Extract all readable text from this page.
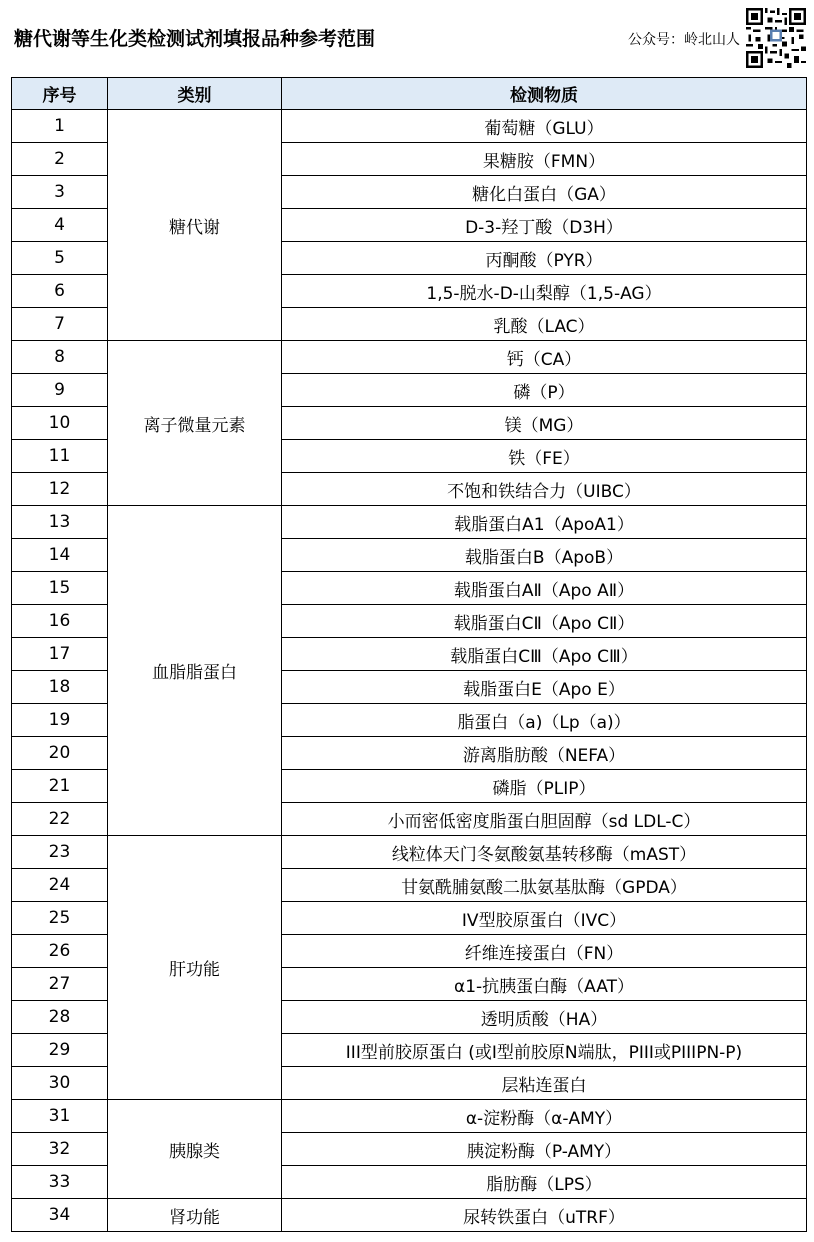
糖代谢等生化类检测试剂填报品种参考范围	公众号：岭北山人
序号	类别	检测物质
1	糖代谢	葡萄糖（GLU）
2		果糖胺（FMN）
3		糖化白蛋白（GA）
4		D-3-羟丁酸（D3H）
5		丙酮酸（PYR）
6		1,5-脱水-D-山梨醇（1,5-AG）
7		乳酸（LAC）
8	离子微量元素	钙（CA）
9		磷（P）
10		镁（MG）
11		铁（FE）
12		不饱和铁结合力（UIBC）
13	血脂脂蛋白	载脂蛋白A1（ApoA1）
14		载脂蛋白B（ApoB）
15		载脂蛋白AⅡ（Apo AⅡ）
16		载脂蛋白CⅡ（Apo CⅡ）
17		载脂蛋白CⅢ（Apo CⅢ）
18		载脂蛋白E（Apo E）
19		脂蛋白（a)（Lp（a)）
20		游离脂肪酸（NEFA）
21		磷脂（PLIP）
22		小而密低密度脂蛋白胆固醇（sd LDL-C）
23	肝功能	线粒体天门冬氨酸氨基转移酶（mAST）
24		甘氨酰脯氨酸二肽氨基肽酶（GPDA）
25		IV型胶原蛋白（IVC）
26		纤维连接蛋白（FN）
27		α1-抗胰蛋白酶（AAT）
28		透明质酸（HA）
29		III型前胶原蛋白 (或I型前胶原N端肽，PIII或PIIIPN-P)
30		层粘连蛋白
31	胰腺类	α-淀粉酶（α-AMY）
32		胰淀粉酶（P-AMY）
33		脂肪酶（LPS）
34	肾功能	尿转铁蛋白（uTRF）
